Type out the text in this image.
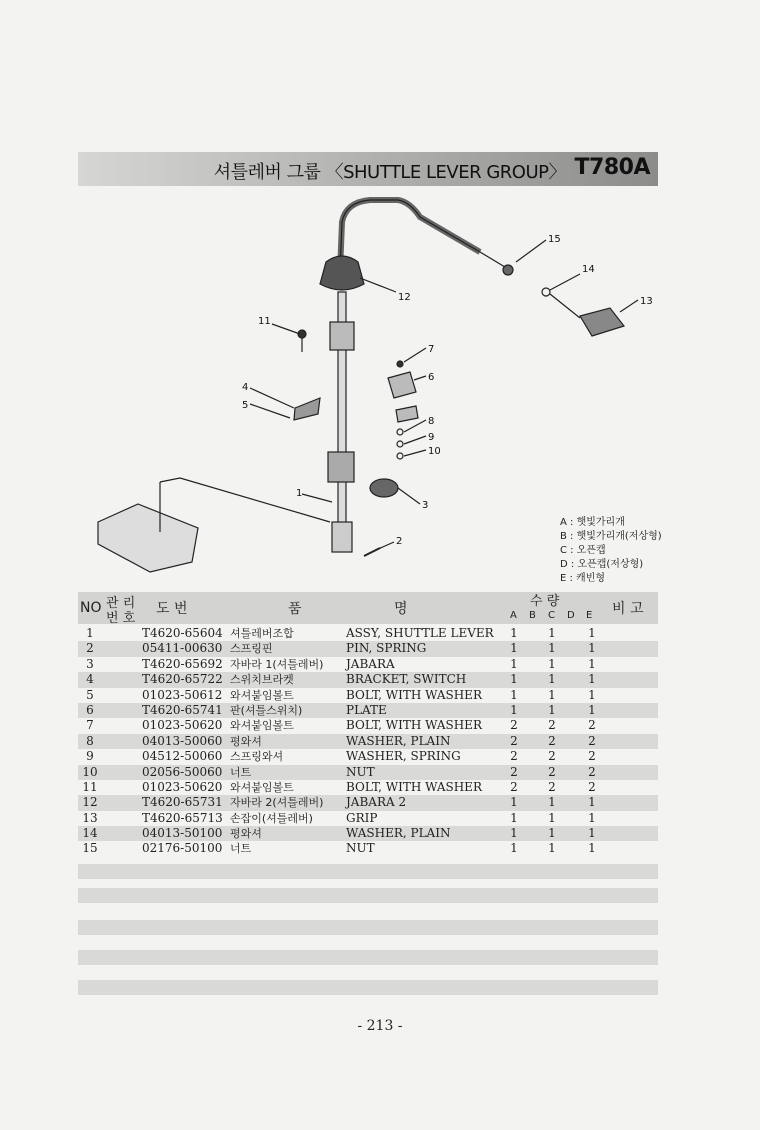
셔틀레버 그룹 〈SHUTTLE LEVER GROUP〉 T780A
15
14
13
12
11
7
6
8
9
10
4
5
1
3
2
A : 햇빛가리개
B : 햇빛가리개(저상형)
C : 오픈캡
D : 오픈캡(저상형)
E : 캐빈형
NO 관 리
번 호
도 번	품	명	수 량
A B C D E 비 고
1	T4620-65604 셔틀레버조합	ASSY, SHUTTLE LEVER 1	1	1
2	05411-00630 스프링핀	PIN, SPRING	1	1	1
3	T4620-65692 자바라 1(셔틀레버) JABARA	1	1	1
4	T4620-65722 스위치브라켓	BRACKET, SWITCH	1	1	1
5	01023-50612 와셔붙임볼트	BOLT, WITH WASHER 1	1	1
6	T4620-65741 판(셔틀스위치)	PLATE	1	1	1
7	01023-50620 와셔붙임볼트	BOLT, WITH WASHER 2	2	2
8	04013-50060 평와셔	WASHER, PLAIN	2	2	2
9	04512-50060 스프링와셔	WASHER, SPRING	2	2	2
10	02056-50060 너트	NUT	2	2	2
11	01023-50620 와셔붙임볼트	BOLT, WITH WASHER 2	2	2
12	T4620-65731 자바라 2(셔틀레버) JABARA 2	1	1	1
13	T4620-65713 손잡이(셔틀레버)	GRIP	1	1	1
14	04013-50100 평와셔	WASHER, PLAIN	1	1	1
15	02176-50100 너트	NUT	1	1	1
- 213 -
